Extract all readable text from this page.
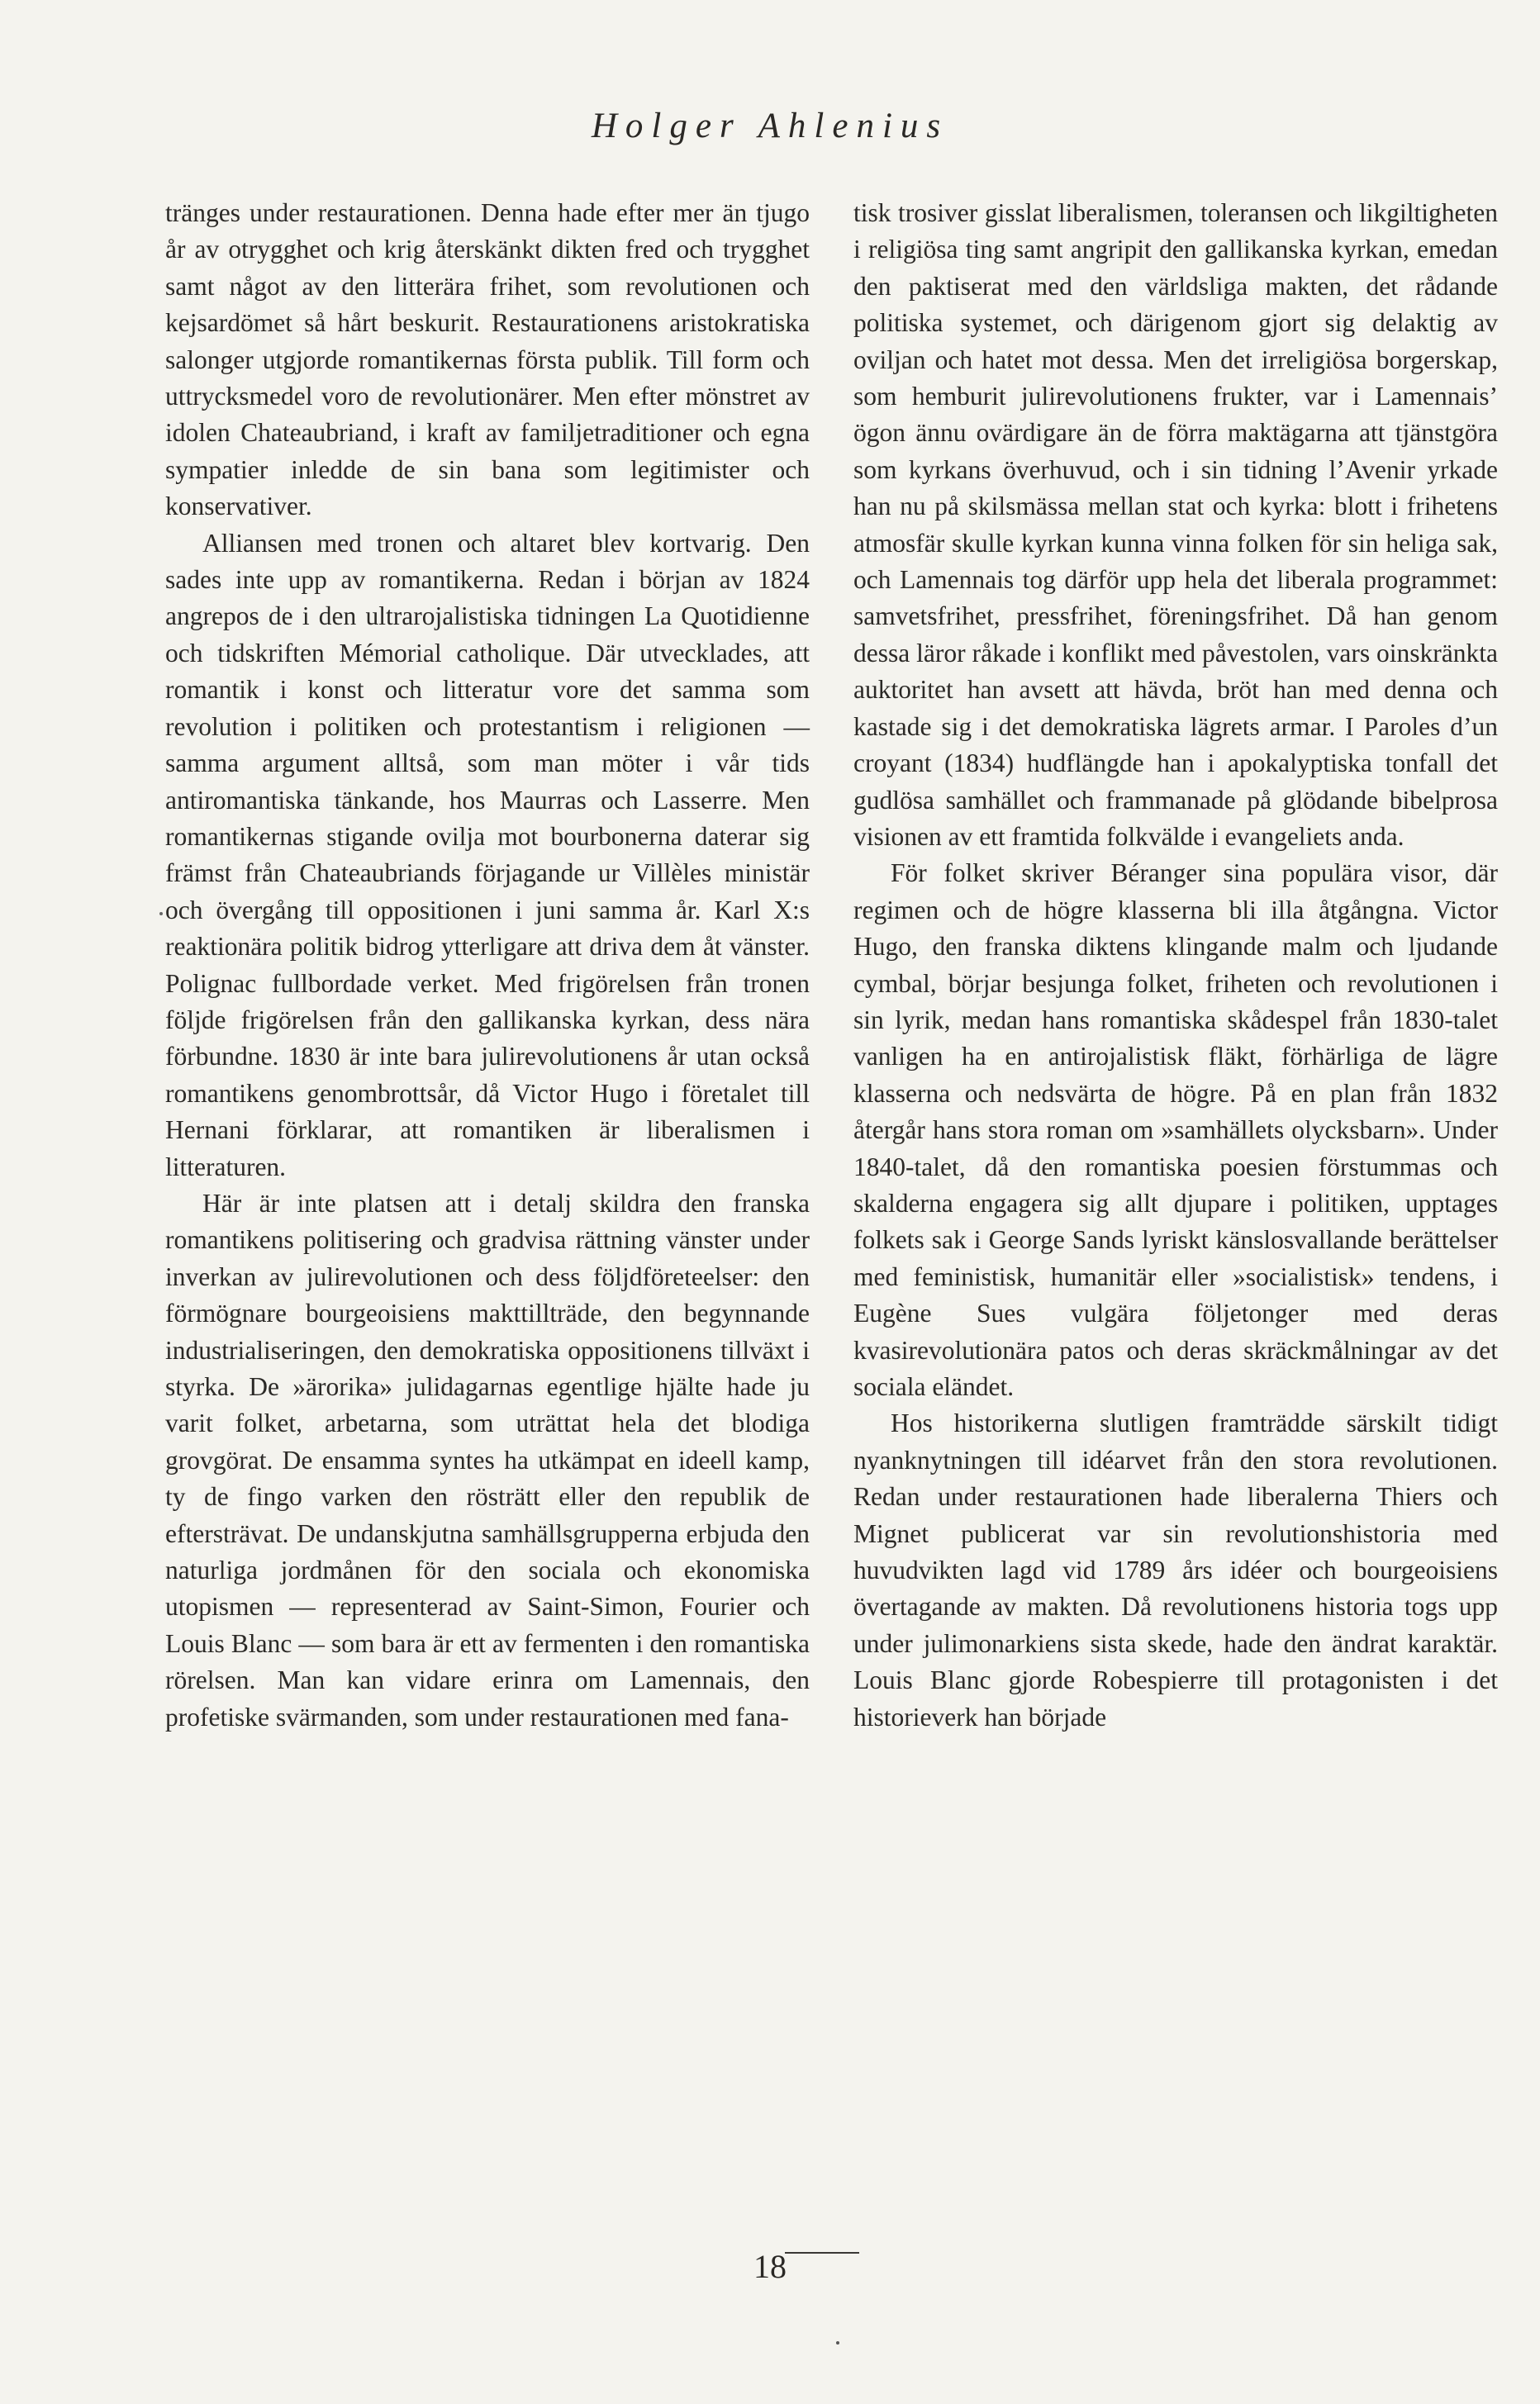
Holger Ahlenius

tränges under restaurationen. Denna hade efter mer än tjugo år av otrygghet och krig återskänkt dikten fred och trygghet samt något av den litterära frihet, som revolutionen och kejsardömet så hårt beskurit. Restaurationens aristokratiska salonger utgjorde romantikernas första publik. Till form och uttrycksmedel voro de revolutionärer. Men efter mönstret av idolen Chateaubriand, i kraft av familjetraditioner och egna sympatier inledde de sin bana som legitimister och konservativer.

Alliansen med tronen och altaret blev kortvarig. Den sades inte upp av romantikerna. Redan i början av 1824 angrepos de i den ultrarojalistiska tidningen La Quotidienne och tidskriften Mémorial catholique. Där utvecklades, att romantik i konst och litteratur vore det samma som revolution i politiken och protestantism i religionen — samma argument alltså, som man möter i vår tids antiromantiska tänkande, hos Maurras och Lasserre. Men romantikernas stigande ovilja mot bourbonerna daterar sig främst från Chateaubriands förjagande ur Villèles ministär och övergång till oppositionen i juni samma år. Karl X:s reaktionära politik bidrog ytterligare att driva dem åt vänster. Polignac fullbordade verket. Med frigörelsen från tronen följde frigörelsen från den gallikanska kyrkan, dess nära förbundne. 1830 är inte bara julirevolutionens år utan också romantikens genombrottsår, då Victor Hugo i företalet till Hernani förklarar, att romantiken är liberalismen i litteraturen.

Här är inte platsen att i detalj skildra den franska romantikens politisering och gradvisa rättning vänster under inverkan av julirevolutionen och dess följdföreteelser: den förmögnare bourgeoisiens makttillträde, den begynnande industrialiseringen, den demokratiska oppositionens tillväxt i styrka. De »ärorika» julidagarnas egentlige hjälte hade ju varit folket, arbetarna, som uträttat hela det blodiga grovgörat. De ensamma syntes ha utkämpat en ideell kamp, ty de fingo varken den rösträtt eller den republik de eftersträvat. De undanskjutna samhällsgrupperna erbjuda den naturliga jordmånen för den sociala och ekonomiska utopismen — representerad av Saint-Simon, Fourier och Louis Blanc — som bara är ett av fermenten i den romantiska rörelsen. Man kan vidare erinra om Lamennais, den profetiske svärmanden, som under restaurationen med fana-

tisk trosiver gisslat liberalismen, toleransen och likgiltigheten i religiösa ting samt angripit den gallikanska kyrkan, emedan den paktiserat med den världsliga makten, det rådande politiska systemet, och därigenom gjort sig delaktig av oviljan och hatet mot dessa. Men det irreligiösa borgerskap, som hemburit julirevolutionens frukter, var i Lamennais’ ögon ännu ovärdigare än de förra maktägarna att tjänstgöra som kyrkans överhuvud, och i sin tidning l’Avenir yrkade han nu på skilsmässa mellan stat och kyrka: blott i frihetens atmosfär skulle kyrkan kunna vinna folken för sin heliga sak, och Lamennais tog därför upp hela det liberala programmet: samvetsfrihet, pressfrihet, föreningsfrihet. Då han genom dessa läror råkade i konflikt med påvestolen, vars oinskränkta auktoritet han avsett att hävda, bröt han med denna och kastade sig i det demokratiska lägrets armar. I Paroles d’un croyant (1834) hudflängde han i apokalyptiska tonfall det gudlösa samhället och frammanade på glödande bibelprosa visionen av ett framtida folkvälde i evangeliets anda.

För folket skriver Béranger sina populära visor, där regimen och de högre klasserna bli illa åtgångna. Victor Hugo, den franska diktens klingande malm och ljudande cymbal, börjar besjunga folket, friheten och revolutionen i sin lyrik, medan hans romantiska skådespel från 1830-talet vanligen ha en antirojalistisk fläkt, förhärliga de lägre klasserna och nedsvärta de högre. På en plan från 1832 återgår hans stora roman om »samhällets olycksbarn». Under 1840-talet, då den romantiska poesien förstummas och skalderna engagera sig allt djupare i politiken, upptages folkets sak i George Sands lyriskt känslosvallande berättelser med feministisk, humanitär eller »socialistisk» tendens, i Eugène Sues vulgära följetonger med deras kvasirevolutionära patos och deras skräckmålningar av det sociala eländet.

Hos historikerna slutligen framträdde särskilt tidigt nyanknytningen till idéarvet från den stora revolutionen. Redan under restaurationen hade liberalerna Thiers och Mignet publicerat var sin revolutionshistoria med huvudvikten lagd vid 1789 års idéer och bourgeoisiens övertagande av makten. Då revolutionens historia togs upp under julimonarkiens sista skede, hade den ändrat karaktär. Louis Blanc gjorde Robespierre till protagonisten i det historieverk han började

18
